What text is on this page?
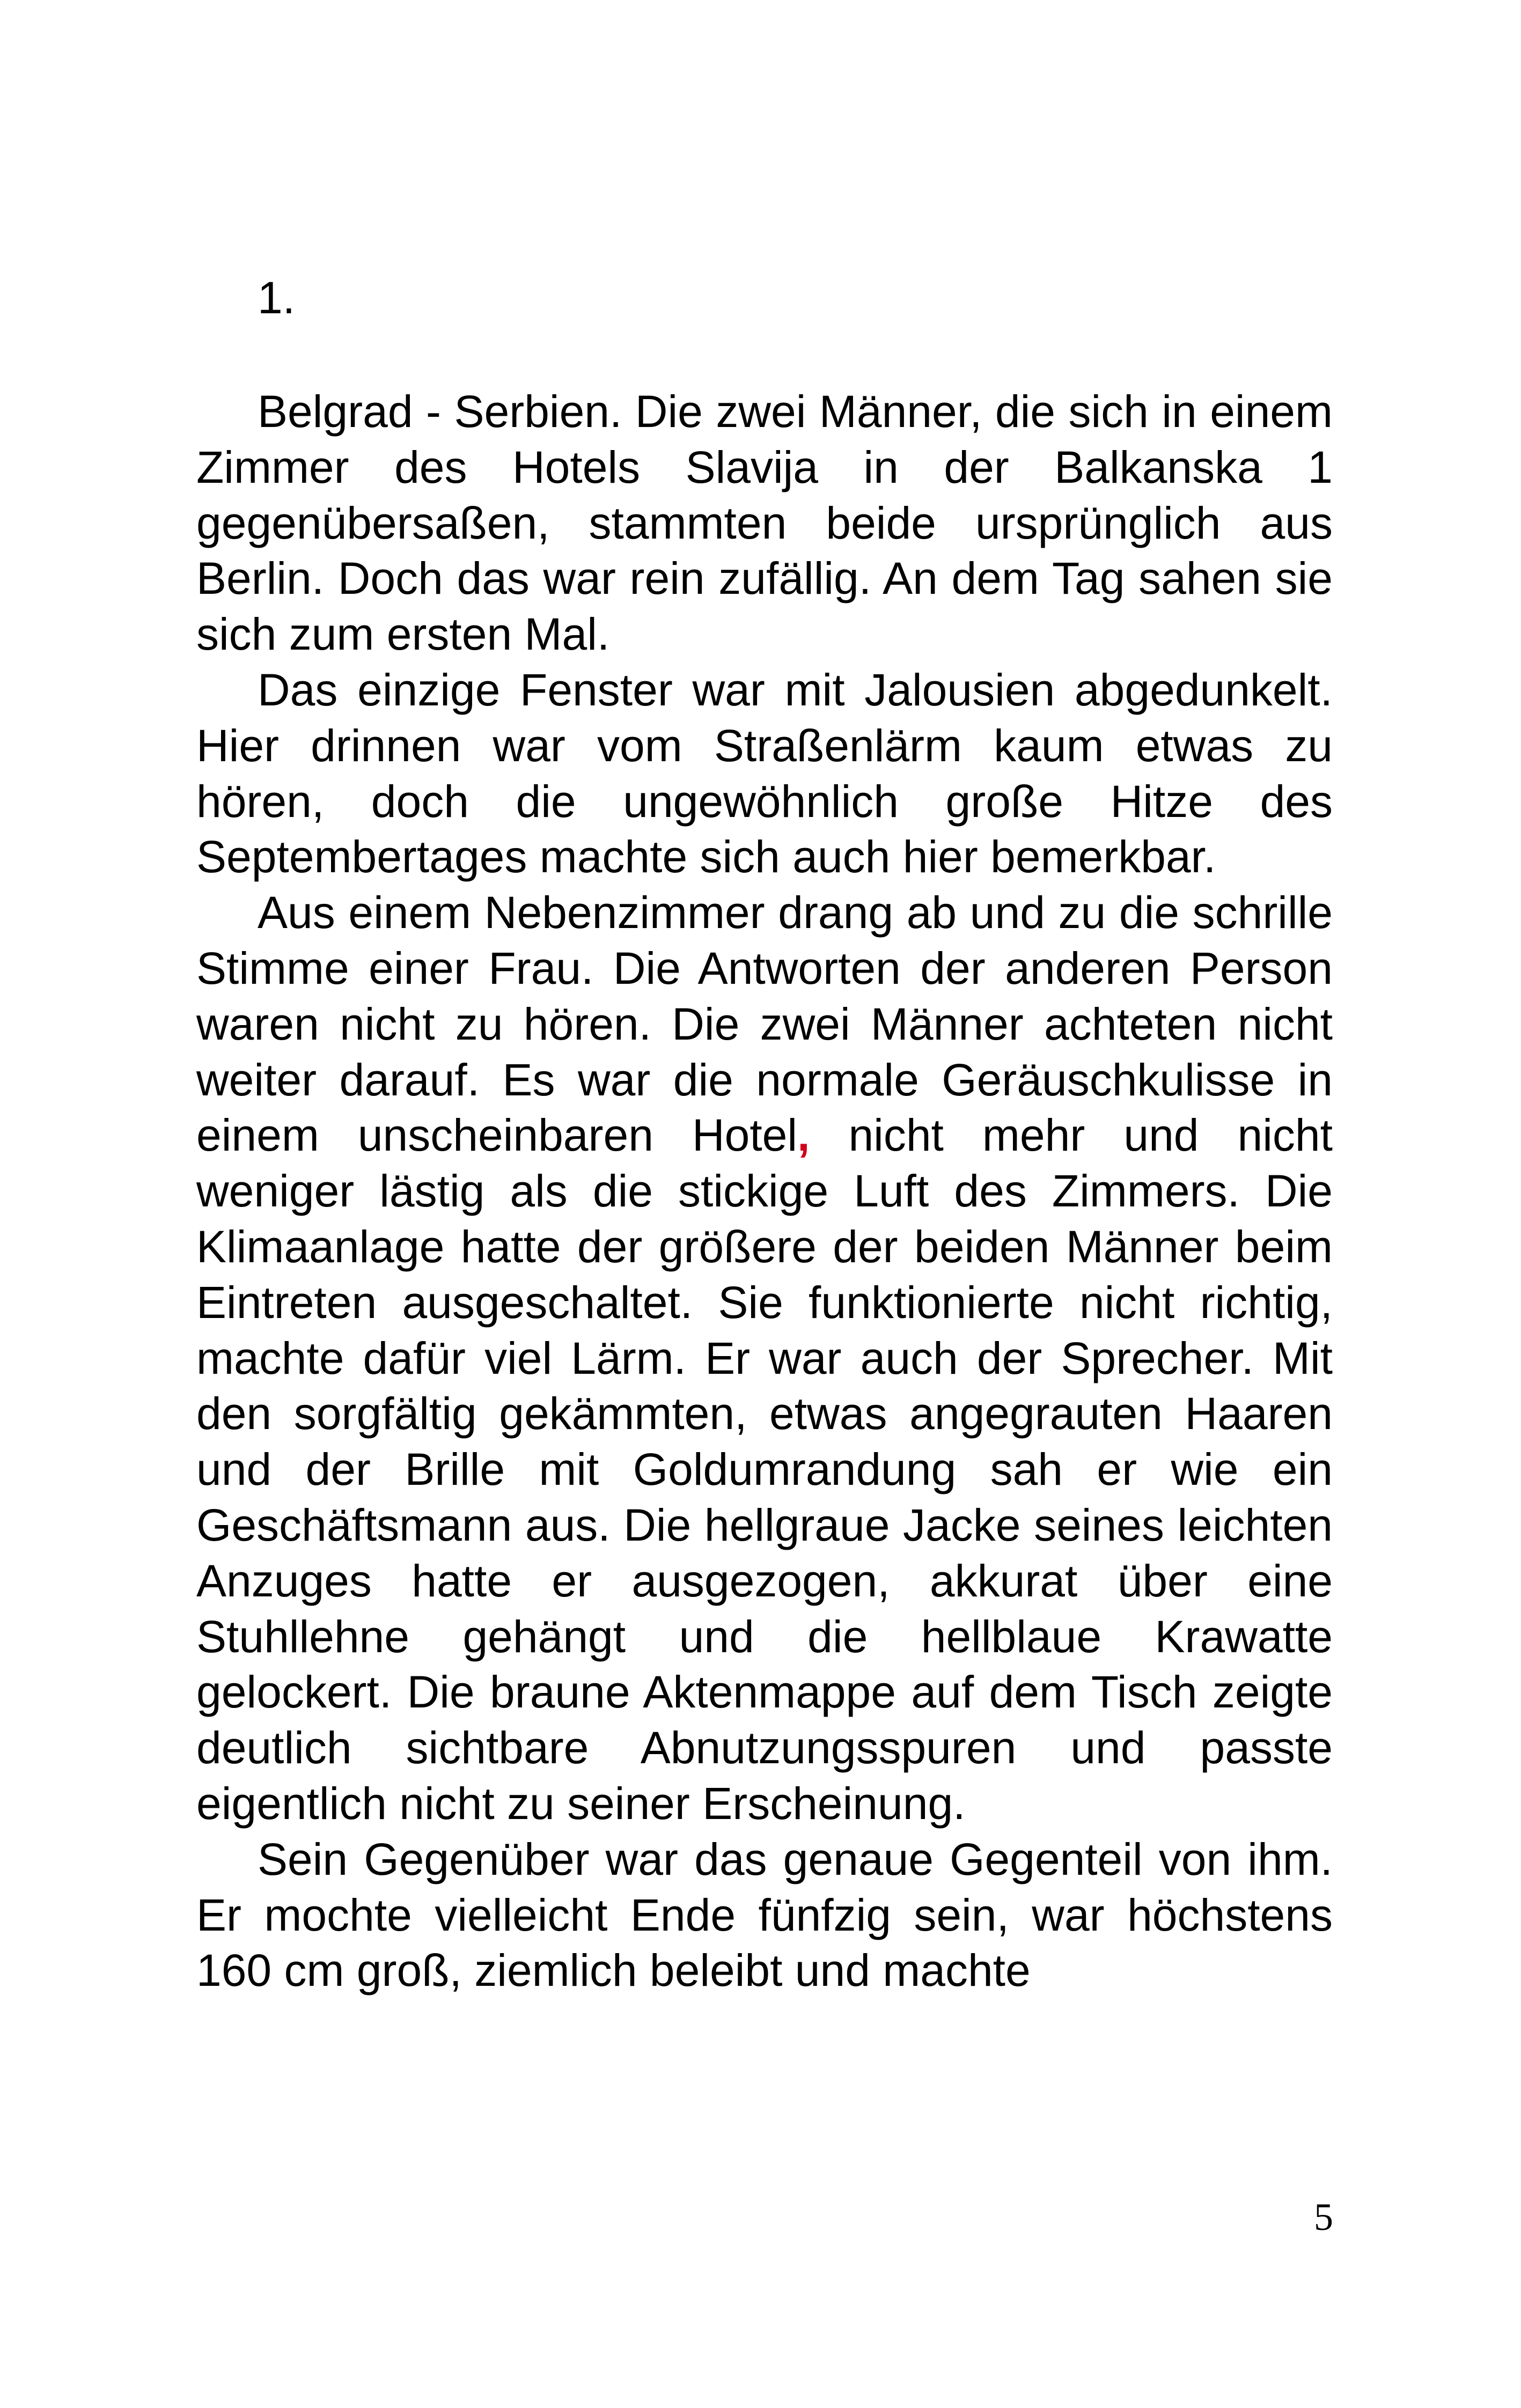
1.

Belgrad - Serbien. Die zwei Männer, die sich in einem Zimmer des Hotels Slavija in der Balkanska 1 gegenübersaßen, stammten beide ursprünglich aus Berlin. Doch das war rein zufällig. An dem Tag sahen sie sich zum ersten Mal.

Das einzige Fenster war mit Jalousien abgedunkelt. Hier drinnen war vom Straßenlärm kaum etwas zu hören, doch die ungewöhnlich große Hitze des Septembertages machte sich auch hier bemerkbar.

Aus einem Nebenzimmer drang ab und zu die schrille Stimme einer Frau. Die Antworten der anderen Person waren nicht zu hören. Die zwei Männer achteten nicht weiter darauf. Es war die normale Geräuschkulisse in einem unscheinbaren Hotel, nicht mehr und nicht weniger lästig als die stickige Luft des Zimmers. Die Klimaanlage hatte der größere der beiden Männer beim Eintreten ausgeschaltet. Sie funktionierte nicht richtig, machte dafür viel Lärm. Er war auch der Sprecher. Mit den sorgfältig gekämmten, etwas angegrauten Haaren und der Brille mit Goldumrandung sah er wie ein Geschäftsmann aus. Die hellgraue Jacke seines leichten Anzuges hatte er ausgezogen, akkurat über eine Stuhllehne gehängt und die hellblaue Krawatte gelockert. Die braune Aktenmappe auf dem Tisch zeigte deutlich sichtbare Abnutzungsspuren und passte eigentlich nicht zu seiner Erscheinung.

Sein Gegenüber war das genaue Gegenteil von ihm. Er mochte vielleicht Ende fünfzig sein, war höchstens 160 cm groß, ziemlich beleibt und machte

5
